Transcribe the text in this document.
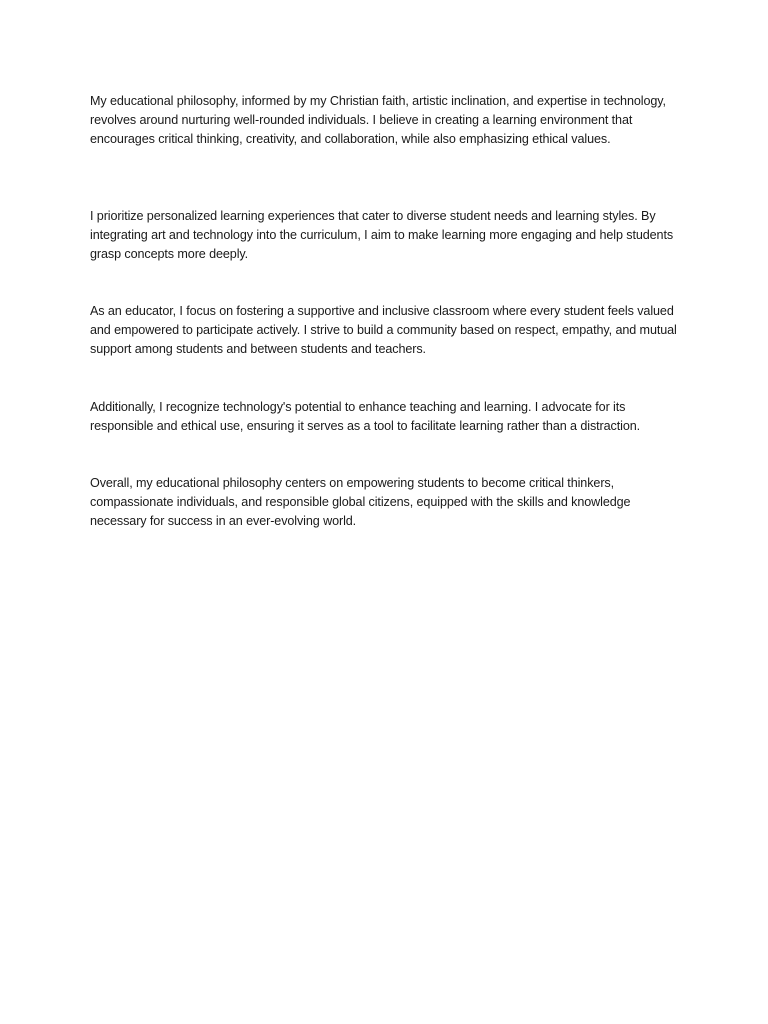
My educational philosophy, informed by my Christian faith, artistic inclination, and expertise in technology, revolves around nurturing well-rounded individuals. I believe in creating a learning environment that encourages critical thinking, creativity, and collaboration, while also emphasizing ethical values.

I prioritize personalized learning experiences that cater to diverse student needs and learning styles. By integrating art and technology into the curriculum, I aim to make learning more engaging and help students grasp concepts more deeply.

As an educator, I focus on fostering a supportive and inclusive classroom where every student feels valued and empowered to participate actively. I strive to build a community based on respect, empathy, and mutual support among students and between students and teachers.

Additionally, I recognize technology's potential to enhance teaching and learning. I advocate for its responsible and ethical use, ensuring it serves as a tool to facilitate learning rather than a distraction.

Overall, my educational philosophy centers on empowering students to become critical thinkers, compassionate individuals, and responsible global citizens, equipped with the skills and knowledge necessary for success in an ever-evolving world.
